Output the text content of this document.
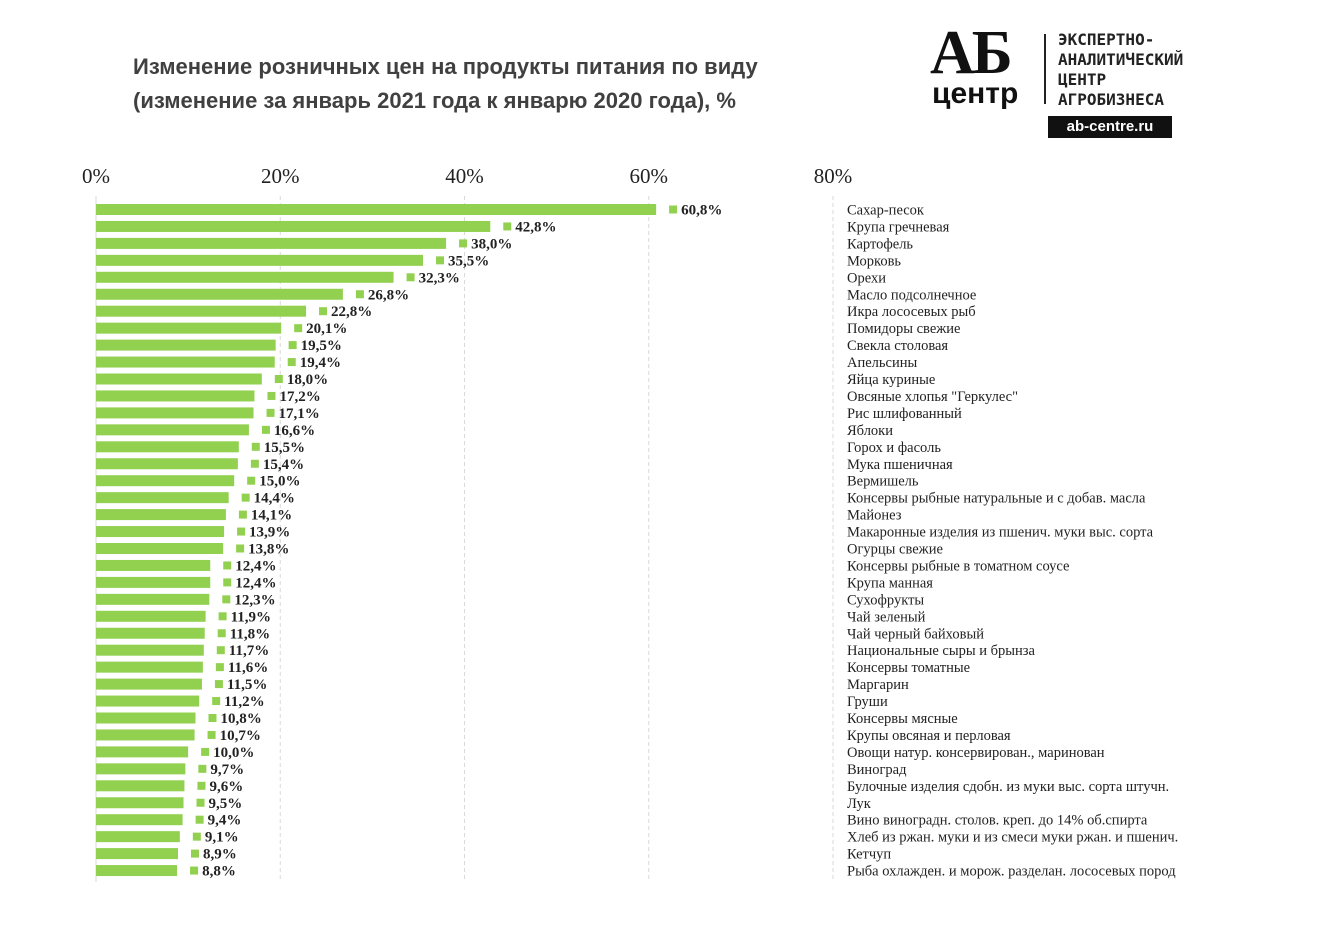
Изменение розничных цен на продукты питания по виду
(изменение за январь 2021 года к январю 2020 года), %
АБ
центр
ЭКСПЕРТНО-
АНАЛИТИЧЕСКИЙ
ЦЕНТР
АГРОБИЗНЕСА
ab-centre.ru
0%	20%	40%	60%	80%
60,8%	Сахар-песок
42,8%	Крупа гречневая
38,0%	Картофель
35,5%	Морковь
32,3%	Орехи
26,8%	Масло подсолнечное
22,8%	Икра лососевых рыб
20,1%	Помидоры свежие
19,5%	Свекла столовая
19,4%	Апельсины
18,0%	Яйца куриные
17,2%	Овсяные хлопья "Геркулес"
17,1%	Рис шлифованный
16,6%	Яблоки
15,5%	Горох и фасоль
15,4%	Мука пшеничная
15,0%	Вермишель
14,4%	Консервы рыбные натуральные и с добав. масла
14,1%	Майонез
13,9%	Макаронные изделия из пшенич. муки выс. сорта
13,8%	Огурцы свежие
12,4%	Консервы рыбные в томатном соусе
12,4%	Крупа манная
12,3%	Сухофрукты
11,9%	Чай зеленый
11,8%	Чай черный байховый
11,7%	Национальные сыры и брынза
11,6%	Консервы томатные
11,5%	Маргарин
11,2%	Груши
10,8%	Консервы мясные
10,7%	Крупы овсяная и перловая
10,0%	Овощи натур. консервирован., маринован
9,7%	Виноград
9,6%	Булочные изделия сдобн. из муки выс. сорта штучн.
9,5%	Лук
9,4%	Вино виноградн. столов. креп. до 14% об.спирта
9,1%	Хлеб из ржан. муки и из смеси муки ржан. и пшенич.
8,9%	Кетчуп
8,8%	Рыба охлажден. и морож. разделан. лососевых пород
